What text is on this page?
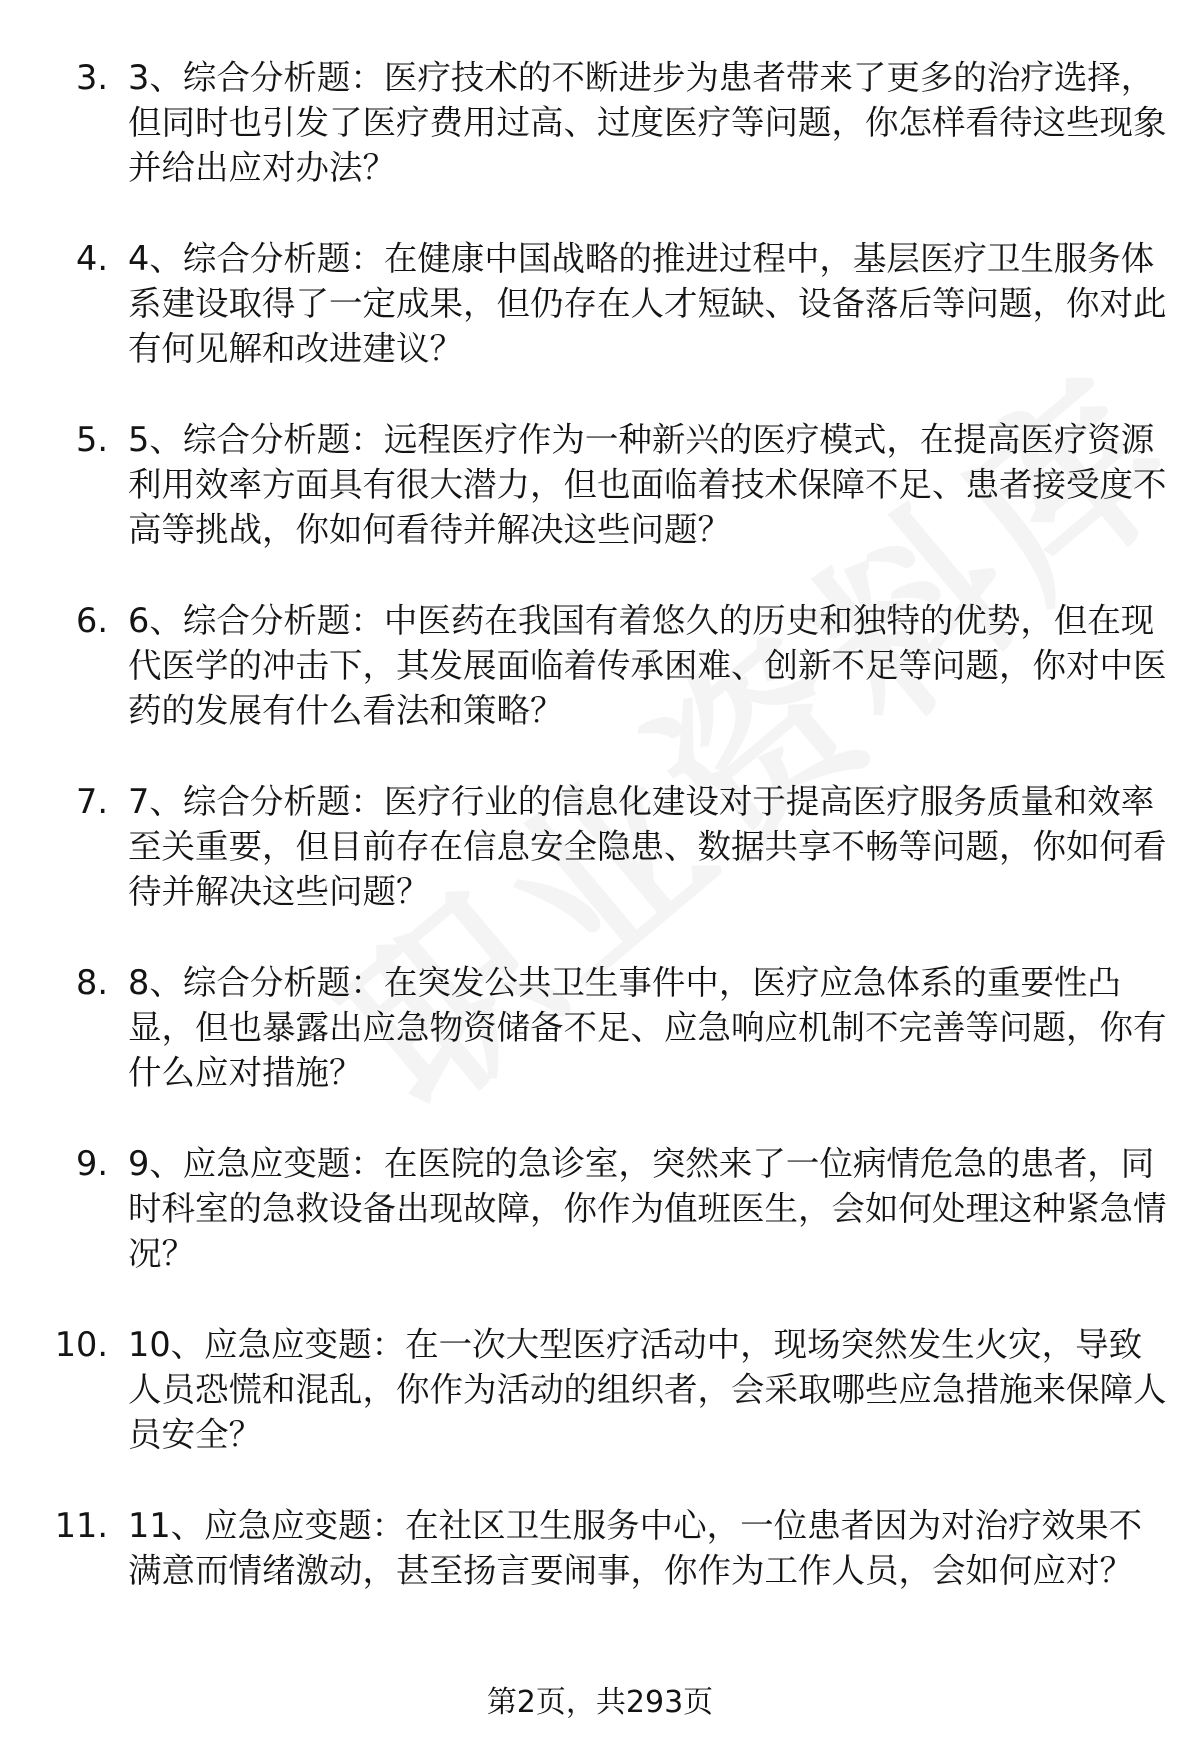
3. 3、综合分析题：医疗技术的不断进步为患者带来了更多的治疗选择，但同时也引发了医疗费用过高、过度医疗等问题，你怎样看待这些现象并给出应对办法？
4. 4、综合分析题：在健康中国战略的推进过程中，基层医疗卫生服务体系建设取得了一定成果，但仍存在人才短缺、设备落后等问题，你对此有何见解和改进建议？
5. 5、综合分析题：远程医疗作为一种新兴的医疗模式，在提高医疗资源利用效率方面具有很大潜力，但也面临着技术保障不足、患者接受度不高等挑战，你如何看待并解决这些问题？
6. 6、综合分析题：中医药在我国有着悠久的历史和独特的优势，但在现代医学的冲击下，其发展面临着传承困难、创新不足等问题，你对中医药的发展有什么看法和策略？
7. 7、综合分析题：医疗行业的信息化建设对于提高医疗服务质量和效率至关重要，但目前存在信息安全隐患、数据共享不畅等问题，你如何看待并解决这些问题？
8. 8、综合分析题：在突发公共卫生事件中，医疗应急体系的重要性凸显，但也暴露出应急物资储备不足、应急响应机制不完善等问题，你有什么应对措施？
9. 9、应急应变题：在医院的急诊室，突然来了一位病情危急的患者，同时科室的急救设备出现故障，你作为值班医生，会如何处理这种紧急情况？
10. 10、应急应变题：在一次大型医疗活动中，现场突然发生火灾，导致人员恐慌和混乱，你作为活动的组织者，会采取哪些应急措施来保障人员安全？
11. 11、应急应变题：在社区卫生服务中心，一位患者因为对治疗效果不满意而情绪激动，甚至扬言要闹事，你作为工作人员，会如何应对？
第2页，共293页
